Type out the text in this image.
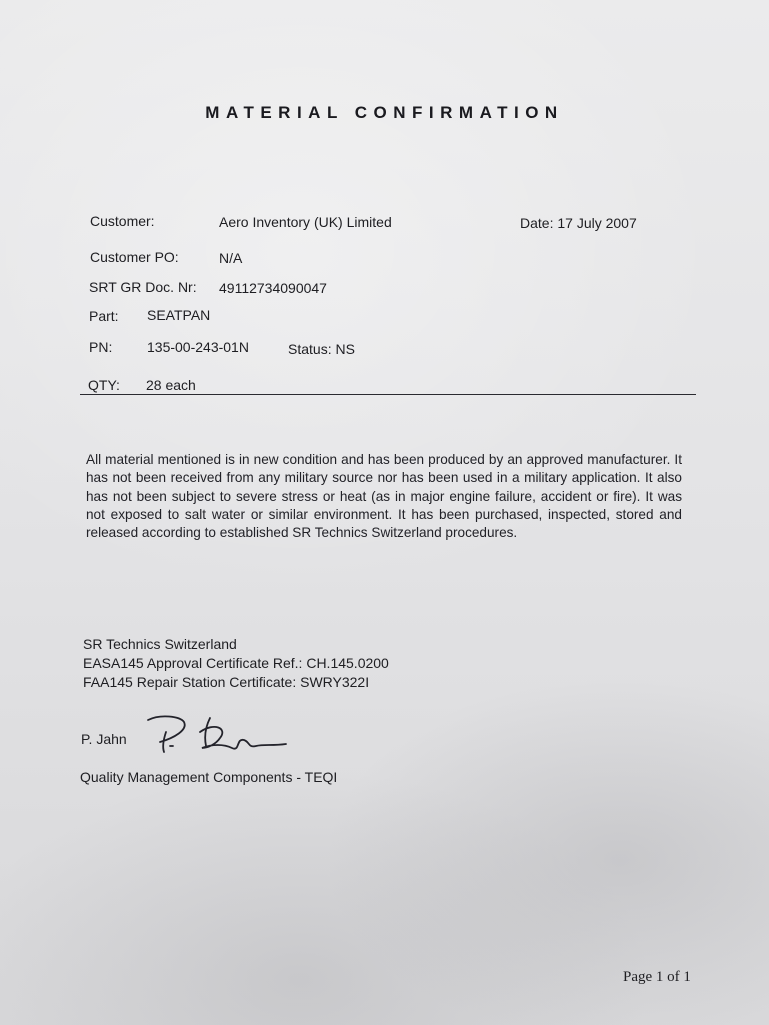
MATERIAL CONFIRMATION
Customer:	Aero Inventory (UK) Limited	Date: 17 July 2007
Customer PO:	N/A
SRT GR Doc. Nr: 49112734090047
Part: SEATPAN
PN: 135-00-243-01N	Status: NS
QTY: 28 each
All material mentioned is in new condition and has been produced by an approved manufacturer. It has not been received from any military source nor has been used in a military application. It also has not been subject to severe stress or heat (as in major engine failure, accident or fire). It was not exposed to salt water or similar environment. It has been purchased, inspected, stored and released according to established SR Technics Switzerland procedures.
SR Technics Switzerland
EASA145 Approval Certificate Ref.: CH.145.0200
FAA145 Repair Station Certificate: SWRY322I
P. Jahn
Quality Management Components - TEQI
Page 1 of 1
